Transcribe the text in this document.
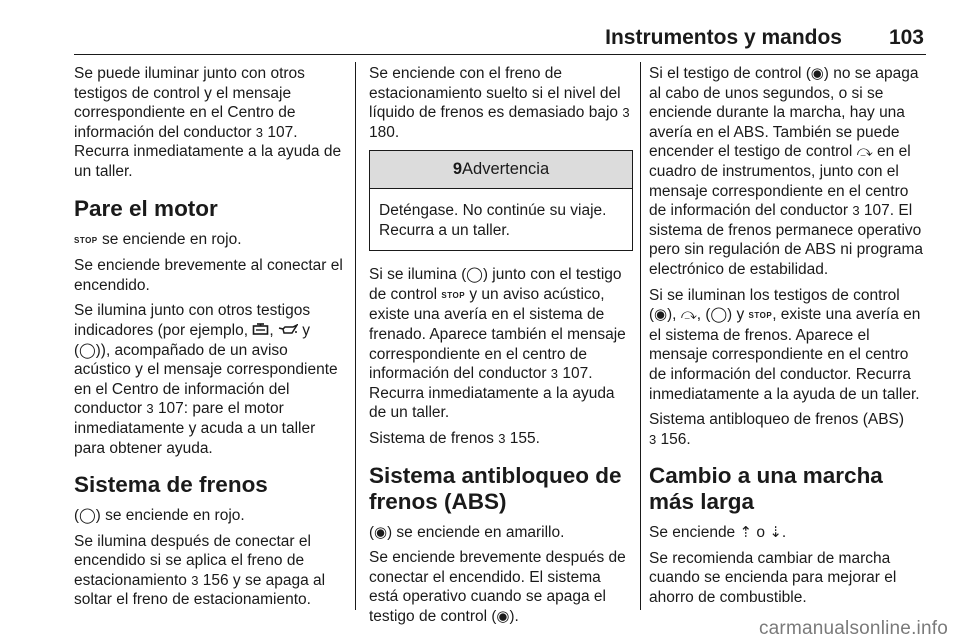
Instrumentos y mandos 103

Se puede iluminar junto con otros testigos de control y el mensaje correspondiente en el Centro de información del conductor 3 107. Recurra inmediatamente a la ayuda de un taller.

Pare el motor

STOP se enciende en rojo.

Se enciende brevemente al conectar el encendido.

Se ilumina junto con otros testigos indicadores (por ejemplo, ,  y
(◯)), acompañado de un aviso acústico y el mensaje correspondiente en el Centro de información del conductor 3 107: pare el motor inmediatamente y acuda a un taller para obtener ayuda.

Sistema de frenos

(◯) se enciende en rojo.

Se ilumina después de conectar el encendido si se aplica el freno de estacionamiento 3 156 y se apaga al soltar el freno de estacionamiento.

Se enciende con el freno de estacionamiento suelto si el nivel del líquido de frenos es demasiado bajo 3 180.

9Advertencia
Deténgase. No continúe su viaje. Recurra a un taller.

Si se ilumina (◯) junto con el testigo de control STOP y un aviso acústico, existe una avería en el sistema de frenado. Aparece también el mensaje correspondiente en el centro de información del conductor 3 107. Recurra inmediatamente a la ayuda de un taller.

Sistema de frenos 3 155.

Sistema antibloqueo de frenos (ABS)

(◉) se enciende en amarillo.

Se enciende brevemente después de conectar el encendido. El sistema está operativo cuando se apaga el testigo de control (◉).

Si el testigo de control (◉) no se apaga al cabo de unos segundos, o si se enciende durante la marcha, hay una avería en el ABS. También se puede encender el testigo de control ⤼ en el cuadro de instrumentos, junto con el mensaje correspondiente en el centro de información del conductor 3 107. El sistema de frenos permanece operativo pero sin regulación de ABS ni programa electrónico de estabilidad.

Si se iluminan los testigos de control (◉), ⤼, (◯) y STOP, existe una avería en el sistema de frenos. Aparece el mensaje correspondiente en el centro de información del conductor. Recurra inmediatamente a la ayuda de un taller.

Sistema antibloqueo de frenos (ABS)
3 156.

Cambio a una marcha más larga

Se enciende ⇡ o ⇣.

Se recomienda cambiar de marcha cuando se encienda para mejorar el ahorro de combustible.

carmanualsonline.info
